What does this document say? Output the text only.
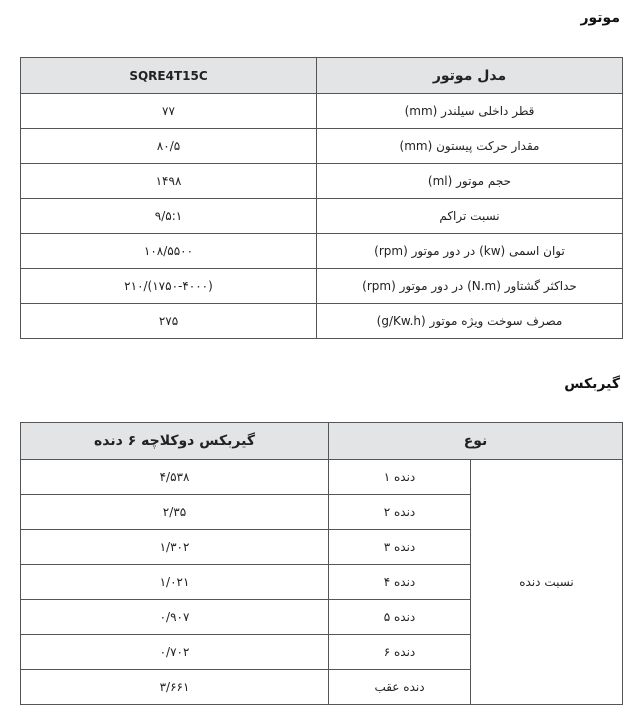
موتور
مدل موتور	SQRE4T15C
قطر داخلی سیلندر (mm)	۷۷
مقدار حرکت پیستون (mm)	۸۰/۵
حجم موتور (ml)	۱۴۹۸
نسبت تراکم	۹/۵:۱
توان اسمی (kw) در دور موتور (rpm)	۱۰۸/۵۵۰۰
حداکثر گشتاور (N.m) در دور موتور (rpm)	۲۱۰/(۱۷۵۰-۴۰۰۰)
مصرف سوخت ویژه موتور (g/Kw.h)	۲۷۵
گیربکس
نوع		گیربکس دوکلاچه ۶ دنده
نسبت دنده	دنده ۱	۴/۵۳۸
	دنده ۲	۲/۳۵
	دنده ۳	۱/۳۰۲
	دنده ۴	۱/۰۲۱
	دنده ۵	۰/۹۰۷
	دنده ۶	۰/۷۰۲
	دنده عقب	۳/۶۶۱
